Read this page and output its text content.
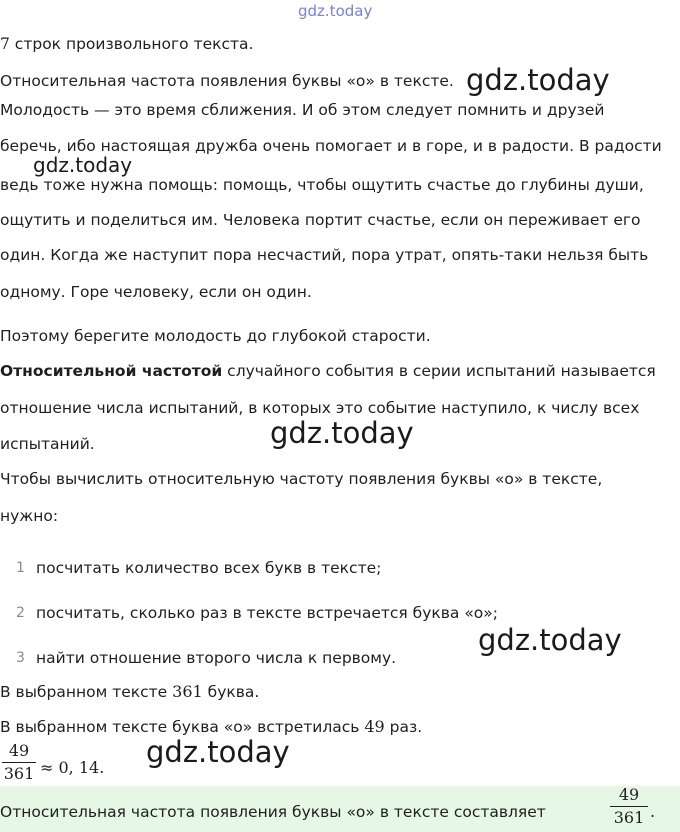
gdz.today
7 строк произвольного текста.
Относительная частота появления буквы «о» в тексте. gdz.today
Молодость — это время сближения. И об этом следует помнить и друзей
беречь, ибо настоящая дружба очень помогает и в горе, и в радости. В радости
gdz.today
ведь тоже нужна помощь: помощь, чтобы ощутить счастье до глубины души,
ощутить и поделиться им. Человека портит счастье, если он переживает его
один. Когда же наступит пора несчастий, пора утрат, опять-таки нельзя быть
одному. Горе человеку, если он один.
Поэтому берегите молодость до глубокой старости.
Относительной частотой случайного события в серии испытаний называется
отношение числа испытаний, в которых это событие наступило, к числу всех
испытаний.	gdz.today
Чтобы вычислить относительную частоту появления буквы «о» в тексте,
нужно:
1 посчитать количество всех букв в тексте;
2 посчитать, сколько раз в тексте встречается буква «о»;
3 найти отношение второго числа к первому.
gdz.today
В выбранном тексте 361 буква.
В выбранном тексте буква «о» встретилась 49 раз.
49
361 ≈ 0, 14. gdz.today
Относительная частота появления буквы «о» в тексте составляет
49
361 .
